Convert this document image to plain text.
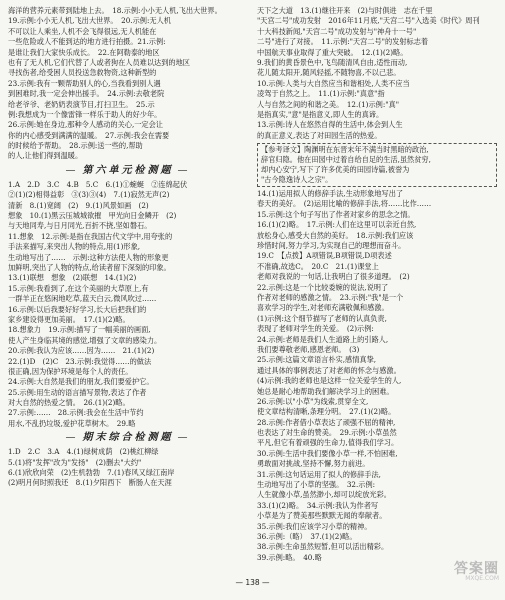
海洋的营养元素带到陆地上去。　18.示例:小小无人机,飞出大世界。
19.示例:小小无人机,飞出大世界。　20.示例:无人机
不可以让人乘坐,人机不会飞得很远,无人机能在
一些危险或人不能到达的地方进行拍摄。21.示例:
是谁让我们大家快乐成长。　22.在阿勒泰的地区
也有了无人机,它们代替了人或者狗在人员难以达到的地区
寻找伤者,给受困人员投送急救物资,这种新型的
23.示例:我有一颗帮助别人的心,当我看到别人遇
到困难时,我一定会伸出援手。　24.示例:去敬老院
给老爷爷、老奶奶表演节目,打扫卫生。　25.示
例:我想成为一个像雷锋一样乐于助人的好少年。
26.示例:她在身边,那种令人感动的关心,一定会让
你的内心感受到满满的温暖。　27.示例:我会在需要
的时候给予帮助。　28.示例:送一些的,帮助
的人,让他们得到温暖。
— 第六单元检测题 —
1.A　2.D　3.C　4.B　5.C　6.(1)①蜿蜒　②连绵起伏
②(1)(2)相得益彰　③(3)③(4)　7.(1)寂然无声(2)
清新　8.(1)宽阔　(2)　9.(1)风景如画　(2)
想象　10.(1)黑云压城城欲摧　甲光向日金鳞开　(2)
与天地同寿,与日月同光,百折不挠,坚如磐石。
11.想象　12.示例:是指在我国古代文学中,用夸张的
手法来描写,来突出人物的特点,用(1)形象,
生动地写出了……　示例:这种方法使人物的形象更
加鲜明,突出了人物的特点,给读者留下深刻的印象。
13.(1)联想　想象　(2)联想　14.(1)(2)
15.示例:我看到了,在这个美丽的大草原上,有
一群羊正在悠闲地吃草,蓝天白云,微风吹过……
16.示例:以后我要好好学习,长大后把我们的
家乡建设得更加美丽。　17.(1)(2)略。
18.想象力　19.示例:描写了一幅美丽的画面,
使人产生身临其境的感觉,增强了文章的感染力。
20.示例:我认为应该……因为……　21.(1)(2)
22.(1)D　(2)C　23.示例:我觉得……的做法
很正确,因为保护环境是每个人的责任。
24.示例:大自然是我们的朋友,我们要爱护它。
25.示例:用生动的语言描写景物,表达了作者
对大自然的热爱之情。　26.(1)(2)略。
27.示例:……　28.示例:我会在生活中节约
用水,不乱扔垃圾,爱护花草树木。　29.略
— 期末综合检测题 —
1.D　2.C　3.A　4.(1)绿树成荫　(2)桃红柳绿
5.(1)将"发挥"改为"发扬"　(2)删去"大约"
6.(1)欣欣向荣　(2)生机勃勃　7.(1)春风又绿江南岸
(2)明月何时照我还　8.(1)夕阳西下　断肠人在天涯
天下之大道　13.(1)继往开来　(2)与时俱进　志在千里
"天宫二号"成功发射　2016年11月底,"天宫二号"入选美《时代》周刊
十大科技新闻,"天宫二号"成功发射与"神舟十一号"
二号"进行了对接。　11.示例:"天宫二号"的发射标志着
中国航天事业取得了重大突破。　12.(1)(2)略。
9.我们的黄昏景色中,飞鸟随清风自由,适性而动,
花儿随太阳开,随风轻摇,不随物喜,不以己悲。
10.示例:人类与大自然应当和谐相处,人类不应当
凌驾于自然之上。　11.(1)示例:"真意"指
人与自然之间的和谐之美。　12.(1)示例:"真"
是指真实,"意"是指意义,即人生的真谛。
13.示例:诗人在悠然自得的生活中,体会到人生
的真正意义,表达了对田园生活的热爱。
【参考译文】陶渊明在东晋末年不满当时黑暗的政治,
辞官归隐。他在田园中过着自给自足的生活,虽然贫穷,
却内心安宁,写下了许多优美的田园诗篇,被誉为
"古今隐逸诗人之宗"。
14.(1)运用拟人的修辞手法,生动形象地写出了
春天的美好。　(2)运用比喻的修辞手法,将……比作……
15.示例:这个句子写出了作者对家乡的思念之情。
16.(1)(2)略。　17.示例:人们在这里可以亲近自然,
放松身心,感受大自然的美好。　18.示例:我们应该
珍惜时间,努力学习,为实现自己的理想而奋斗。
19.C　【点拨】A项错误,B项错误,D项表述
不准确,故选C。　20.C　21.(1)课堂上
老师对我说的一句话,让我明白了很多道理。　(2)
22.示例:这是一个比较委婉的说法,说明了
作者对老师的感激之情。　23.示例:"我"是一个
喜欢学习的学生,对老师充满敬佩和感激。
(1)示例:这个细节描写了老师的认真负责,
表现了老师对学生的关爱。　(2)示例:
24.示例:老师是我们人生道路上的引路人,
我们要尊敬老师,感恩老师。　(3)
25.示例:这篇文章语言朴实,感情真挚,
通过具体的事例表达了对老师的怀念与感激。
(4)示例:我的老师也是这样一位关爱学生的人,
她总是耐心地帮助我们解决学习上的困难。
26.示例:以"小草"为线索,贯穿全文,
使文章结构清晰,条理分明。　27.(1)(2)略。
28.示例:作者借小草表达了顽强不屈的精神,
也表达了对生命的赞美。　29.示例:小草虽然
平凡,但它有着顽强的生命力,值得我们学习。
30.示例:生活中我们要像小草一样,不怕困难,
勇敢面对挑战,坚持不懈,努力前进。
31.示例:这句话运用了拟人的修辞手法,
生动地写出了小草的坚强。　32.示例:
人生就像小草,虽然渺小,却可以绽放光彩。
33.(1)(2)略。　34.示例:我认为作者写
小草是为了赞美那些默默无闻的奉献者。
35.示例:我们应该学习小草的精神。
36.示例:（略）　37.(1)(2)略。
38.示例:生命虽然短暂,但可以活出精彩。
39.示例:略。　40.略
— 138 —
答案圈
MXQE.COM
